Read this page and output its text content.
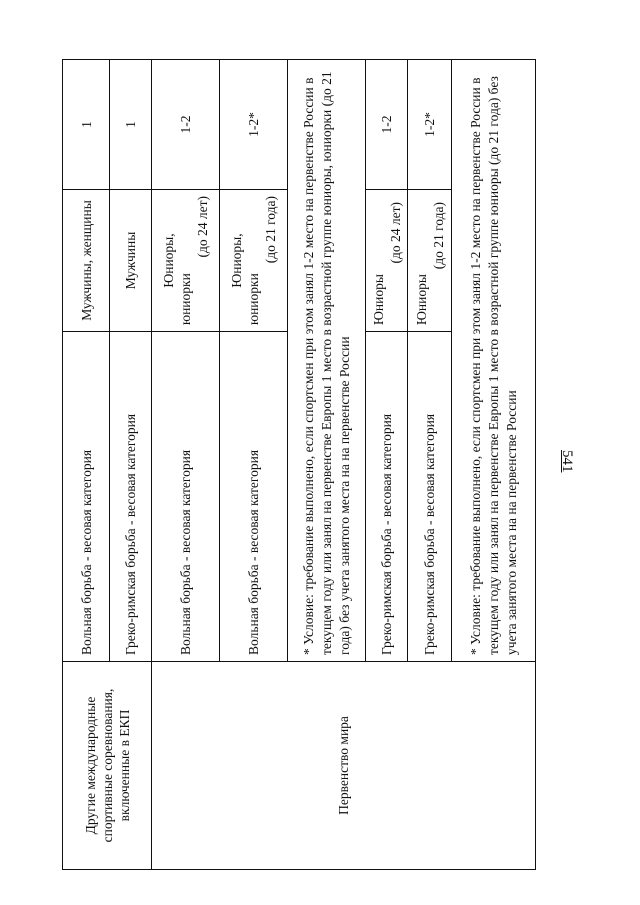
541
Другие международные спортивные соревнования, включенные в ЕКП	Вольная борьба - весовая категория	Мужчины, женщины	1
	Греко-римская борьба - весовая категория	Мужчины	1
Первенство мира	Вольная борьба - весовая категория	Юниоры,
юниорки
(до 24 лет)	1-2
	Вольная борьба - весовая категория	Юниоры,
юниорки
(до 21 года)	1-2*
	* Условие: требование выполнено, если спортсмен при этом занял 1-2 место на первенстве России в текущем году или занял на первенстве Европы 1 место в возрастной группе юниоры, юниорки (до 21 года) без учета занятого места на на первенстве России		
	Греко-римская борьба - весовая категория	Юниоры
(до 24 лет)	1-2
	Греко-римская борьба - весовая категория	Юниоры
(до 21 года)	1-2*
	* Условие: требование выполнено, если спортсмен при этом занял 1-2 место на первенстве России в текущем году или занял на первенстве Европы 1 место в возрастной группе юниоры (до 21 года) без учета занятого места на на первенстве России		
